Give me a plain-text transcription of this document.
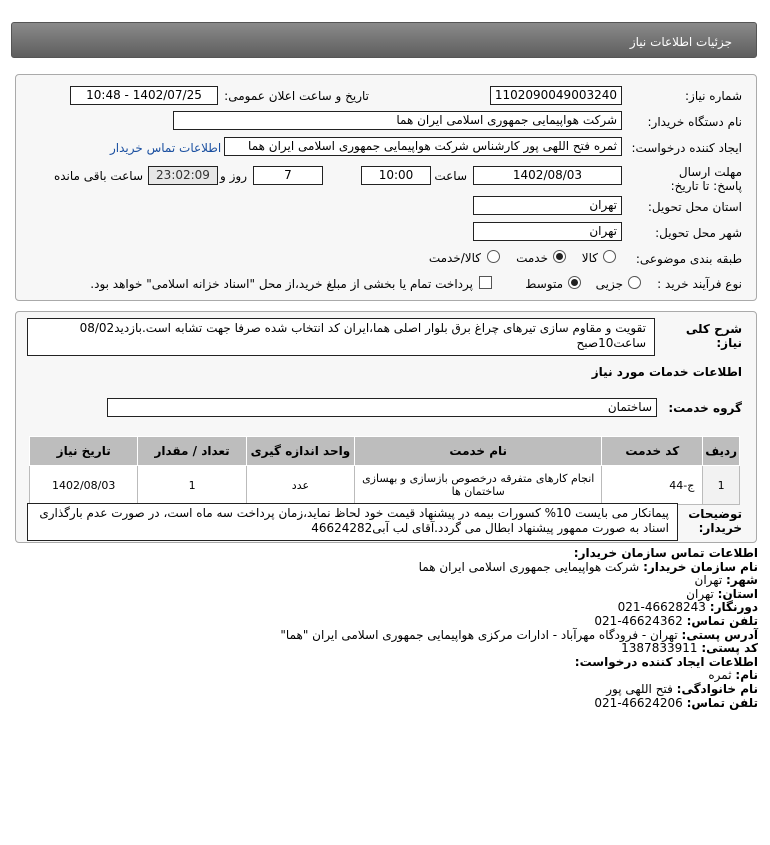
جزئیات اطلاعات نیاز
شماره نیاز:
1102090049003240
تاریخ و ساعت اعلان عمومی:
1402/07/25 - 10:48
نام دستگاه خریدار:
شرکت هواپیمایی جمهوری اسلامی ایران هما
ایجاد کننده درخواست:
ثمره فتح اللهی پور کارشناس شرکت هواپیمایی جمهوری اسلامی ایران هما
اطلاعات تماس خریدار
مهلت ارسال پاسخ: تا تاریخ:
1402/08/03
ساعت
10:00
7
روز و
23:02:09
ساعت باقی مانده
استان محل تحویل:
تهران
شهر محل تحویل:
تهران
طبقه بندی موضوعی:
کالا
خدمت
کالا/خدمت
نوع فرآیند خرید :
جزیی
متوسط
پرداخت تمام یا بخشی از مبلغ خرید،از محل "اسناد خزانه اسلامی" خواهد بود.
شرح کلی نیاز:
تقویت و مقاوم سازی تیرهای چراغ برق بلوار اصلی هما،ایران کد انتخاب شده صرفا جهت تشابه است.بازدید08/02 ساعت10صبح
اطلاعات خدمات مورد نیاز
گروه خدمت:
ساختمان
ردیف	کد خدمت	نام خدمت	واحد اندازه گیری	تعداد / مقدار	تاریخ نیاز
1	ج-44	انجام کارهای متفرقه درخصوص بازسازی و بهسازی ساختمان ها	عدد	1	1402/08/03
توضیحات خریدار:
پیمانکار می بایست 10% کسورات بیمه در پیشنهاد قیمت خود لحاظ نماید،زمان پرداخت سه ماه است، در صورت عدم بارگذاری اسناد به صورت ممهور پیشنهاد ابطال می گردد.آقای لب آبی46624282
اطلاعات تماس سازمان خریدار:
نام سازمان خریدار: شرکت هواپیمایی جمهوری اسلامی ایران هما
شهر: تهران
استان: تهران
دورنگار: 46628243-021
تلفن تماس: 46624362-021
آدرس پستی: تهران - فرودگاه مهرآباد - ادارات مرکزی هواپیمایی جمهوری اسلامی ایران "هما"
کد پستی: 1387833911
اطلاعات ایجاد کننده درخواست:
نام: ثمره
نام خانوادگی: فتح اللهی پور
تلفن تماس: 46624206-021
